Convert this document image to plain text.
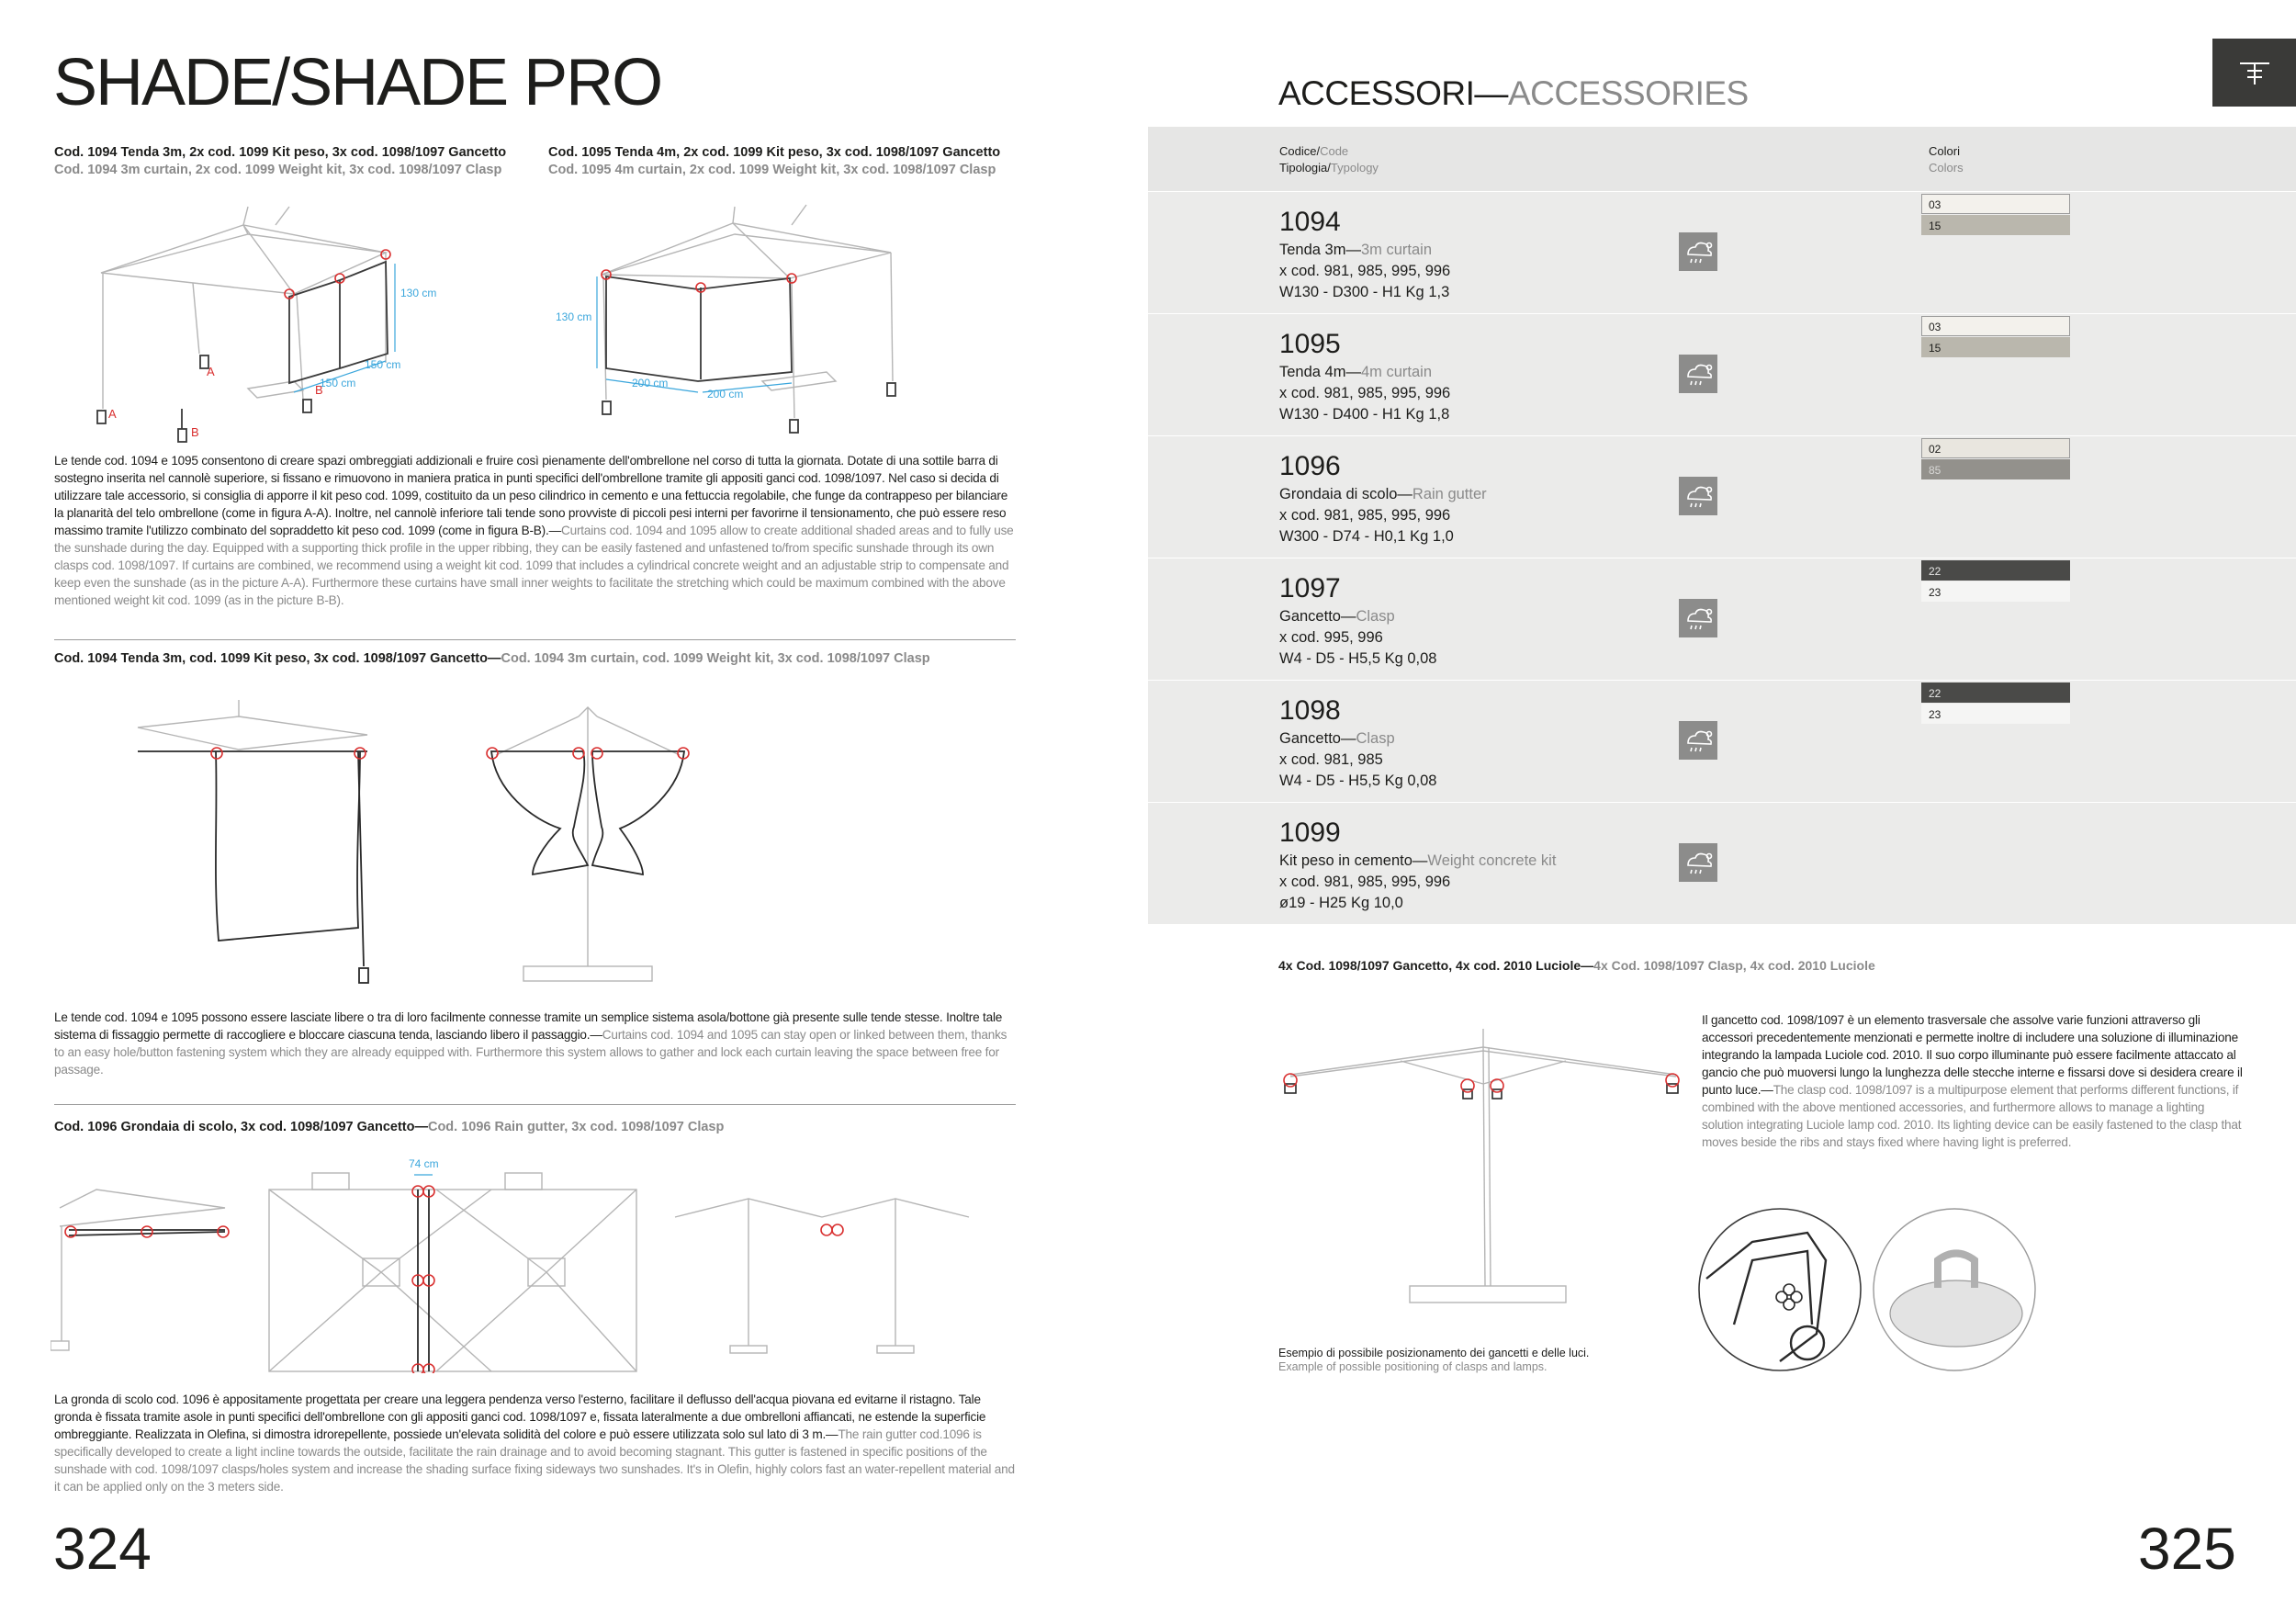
SHADE/SHADE PRO
Cod. 1094 Tenda 3m, 2x cod. 1099 Kit peso, 3x cod. 1098/1097 Gancetto
Cod. 1094 3m curtain, 2x cod. 1099 Weight kit, 3x cod. 1098/1097 Clasp
Cod. 1095 Tenda 4m, 2x cod. 1099 Kit peso, 3x cod. 1098/1097 Gancetto
Cod. 1095 4m curtain, 2x cod. 1099 Weight kit, 3x cod. 1098/1097 Clasp
130 cm
150 cm
150 cm
A
A
B
B
130 cm
200 cm
200 cm
Le tende cod. 1094 e 1095 consentono di creare spazi ombreggiati addizionali e fruire così pienamente dell'ombrellone nel corso di tutta la giornata. Dotate di una sottile barra di sostegno inserita nel cannolè superiore, si fissano e rimuovono in maniera pratica in punti specifici dell'ombrellone tramite gli appositi ganci cod. 1098/1097. Nel caso si decida di utilizzare tale accessorio, si consiglia di apporre il kit peso cod. 1099, costituito da un peso cilindrico in cemento e una fettuccia regolabile, che funge da contrappeso per bilanciare la planarità del telo ombrellone (come in figura A-A). Inoltre, nel cannolè inferiore tali tende sono provviste di piccoli pesi interni per favorirne il tensionamento, che può essere reso massimo tramite l'utilizzo combinato del sopraddetto kit peso cod. 1099 (come in figura B-B).—Curtains cod. 1094 and 1095 allow to create additional shaded areas and to fully use the sunshade during the day. Equipped with a supporting thick profile in the upper ribbing, they can be easily fastened and unfastened to/from specific sunshade through its own clasps cod. 1098/1097. If curtains are combined, we recommend using a weight kit cod. 1099 that includes a cylindrical concrete weight and an adjustable strip to compensate and keep even the sunshade (as in the picture A-A). Furthermore these curtains have small inner weights to facilitate the stretching which could be maximum combined with the above mentioned weight kit cod. 1099 (as in the picture B-B).
Cod. 1094 Tenda 3m, cod. 1099 Kit peso, 3x cod. 1098/1097 Gancetto—Cod. 1094 3m curtain, cod. 1099 Weight kit, 3x cod. 1098/1097 Clasp
Le tende cod. 1094 e 1095 possono essere lasciate libere o tra di loro facilmente connesse tramite un semplice sistema asola/bottone già presente sulle tende stesse. Inoltre tale sistema di fissaggio permette di raccogliere e bloccare ciascuna tenda, lasciando libero il passaggio.—Curtains cod. 1094 and 1095 can stay open or linked between them, thanks to an easy hole/button fastening system which they are already equipped with. Furthermore this system allows to gather and lock each curtain leaving the space between free for passage.
Cod. 1096 Grondaia di scolo, 3x cod. 1098/1097 Gancetto—Cod. 1096 Rain gutter, 3x cod. 1098/1097 Clasp
74 cm
La gronda di scolo cod. 1096 è appositamente progettata per creare una leggera pendenza verso l'esterno, facilitare il deflusso dell'acqua piovana ed evitarne il ristagno. Tale gronda è fissata tramite asole in punti specifici dell'ombrellone con gli appositi ganci cod. 1098/1097 e, fissata lateralmente a due ombrelloni affiancati, ne estende la superficie ombreggiante. Realizzata in Olefina, si dimostra idrorepellente, possiede un'elevata solidità del colore e può essere utilizzata solo sul lato di 3 m.—The rain gutter cod.1096 is specifically developed to create a light incline towards the outside, facilitate the rain drainage and to avoid becoming stagnant. This gutter is fastened in specific positions of the sunshade with cod. 1098/1097 clasps/holes system and increase the shading surface fixing sideways two sunshades. It's in Olefin, highly colors fast an water-repellent material and it can be applied only on the 3 meters side.
324
ACCESSORI—ACCESSORIES
Codice/Code
Tipologia/Typology
Colori
Colors
1094
Tenda 3m—3m curtain
x cod. 981, 985, 995, 996
W130 - D300 - H1 Kg 1,3
03
15
1095
Tenda 4m—4m curtain
x cod. 981, 985, 995, 996
W130 - D400 - H1 Kg 1,8
03
15
1096
Grondaia di scolo—Rain gutter
x cod. 981, 985, 995, 996
W300 - D74 - H0,1 Kg 1,0
02
85
1097
Gancetto—Clasp
x cod. 995, 996
W4 - D5 - H5,5 Kg 0,08
22
23
1098
Gancetto—Clasp
x cod. 981, 985
W4 - D5 - H5,5 Kg 0,08
22
23
1099
Kit peso in cemento—Weight concrete kit
x cod. 981, 985, 995, 996
ø19 - H25 Kg 10,0
4x Cod. 1098/1097 Gancetto, 4x cod. 2010 Luciole—4x Cod. 1098/1097 Clasp, 4x cod. 2010 Luciole
Il gancetto cod. 1098/1097 è un elemento trasversale che assolve varie funzioni attraverso gli accessori precedentemente menzionati e permette inoltre di includere una soluzione di illuminazione integrando la lampada Luciole cod. 2010. Il suo corpo illuminante può essere facilmente attaccato al gancio che può muoversi lungo la lunghezza delle stecche interne e fissarsi dove si desidera creare il punto luce.—The clasp cod. 1098/1097 is a multipurpose element that performs different functions, if combined with the above mentioned accessories, and furthermore allows to manage a lighting solution integrating Luciole lamp cod. 2010. Its lighting device can be easily fastened to the clasp that moves beside the ribs and stays fixed where having light is preferred.
Esempio di possibile posizionamento dei gancetti e delle luci.
Example of possible positioning of clasps and lamps.
325
